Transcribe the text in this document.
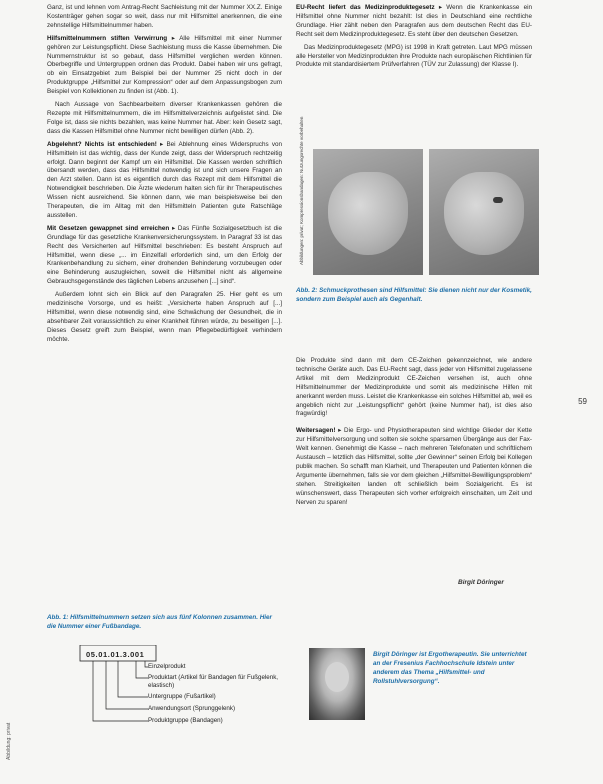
Ganz, ist und lehnen vom Antrag-Recht Sachleistung mit der Nummer XX.Z. Einige Kostenträger gehen sogar so weit, dass nur mit Hilfsmittel anerkennen, die eine zehnstellige Hilfsmittelnummer haben.

Hilfsmittelnummern stiften Verwirrung ▸ Alle Hilfsmittel mit einer Nummer gehören zur Leistungspflicht. Diese Sachleistung muss die Kasse übernehmen. Die Nummernstruktur ist so gebaut, dass Hilfsmittel verglichen werden können. Oberbegriffe und Untergruppen ordnen das Produkt. Dabei haben wir uns gefragt, ob ein Einsatzgebiet zum Beispiel bei der Nummer 25 nicht doch in der Produktgruppe „Hilfsmittel zur Kompression“ oder auf dem Anpassungsbogen zum Beispiel von Kollektionen zu finden ist (Abb. 1).

Nach Aussage von Sachbearbeitern diverser Krankenkassen gehören die Rezepte mit Hilfsmittelnummern, die im Hilfsmittelverzeichnis aufgelistet sind. Die Folge ist, dass sie nichts bezahlen, was keine Nummer hat. Aber: kein Gesetz sagt, dass die Kassen Hilfsmittel ohne Nummer nicht bewilligen dürfen (Abb. 2).

Abgelehnt? Nichts ist entschieden! ▸ Bei Ablehnung eines Widerspruchs von Hilfsmitteln ist das wichtig, dass der Kunde zeigt, dass der Widerspruch rechtzeitig erfolgt. Dann beginnt der Kampf um ein Hilfsmittel. Die Kassen werden schriftlich übersandt werden, dass das Hilfsmittel notwendig ist und sich unsere Fragen an den Arzt stellen. Dann ist es eigentlich durch das Rezept mit dem Hilfsmittel die Notwendigkeit beschrieben. Die Ärzte wiederum halten sich für ihr Therapeutisches Wissen nicht ausreichend. Sie können dann, wie man beispielsweise bei den Therapeuten, die im Alltag mit den Hilfsmitteln Patienten gute Ratschläge ausstellen.

Mit Gesetzen gewappnet sind erreichen ▸ Das Fünfte Sozialgesetzbuch ist die Grundlage für das gesetzliche Krankenversicherungssystem. In Paragraf 33 ist das Recht des Versicherten auf Hilfsmittel beschrieben: Es besteht Anspruch auf Hilfsmittel, wenn diese „... im Einzelfall erforderlich sind, um den Erfolg der Krankenbehandlung zu sichern, einer drohenden Behinderung vorzubeugen oder eine Behinderung auszugleichen, soweit die Hilfsmittel nicht als allgemeine Gebrauchsgegenstände des täglichen Lebens anzusehen [...] sind“.

Außerdem lohnt sich ein Blick auf den Paragrafen 25. Hier geht es um medizinische Vorsorge, und es heißt: „Versicherte haben Anspruch auf [...] Hilfsmittel, wenn diese notwendig sind, eine Schwächung der Gesundheit, die in absehbarer Zeit voraussichtlich zu einer Krankheit führen würde, zu beseitigen [...]. Dieses Gesetz greift zum Beispiel, wenn man Pflegebedürftigkeit verhindern möchte.

EU-Recht liefert das Medizinproduktegesetz ▸ Wenn die Krankenkasse ein Hilfsmittel ohne Nummer nicht bezahlt: Ist dies in Deutschland eine rechtliche Grundlage. Hier zählt neben den Paragrafen aus dem deutschen Recht das EU-Recht seit dem Medizinproduktegesetz. Es steht über den deutschen Gesetzen.

Das Medizinproduktegesetz (MPG) ist 1998 in Kraft getreten. Laut MPG müssen alle Hersteller von Medizinprodukten ihre Produkte nach europäischen Richtlinien für Produkte mit standardisiertem Prüfverfahren (TÜV zur Zulassung) der Klasse I).

Abbildungen: privat; Kompressionsbandagen: Nutzungsrechte vorbehalten
Abb. 2: Schmuckprothesen sind Hilfsmittel: Sie dienen nicht nur der Kosmetik, sondern zum Beispiel auch als Gegenhalt.

Die Produkte sind dann mit dem CE-Zeichen gekennzeichnet, wie andere technische Geräte auch. Das EU-Recht sagt, dass jeder von Hilfsmittel zugelassene Artikel mit dem Medizinprodukt CE-Zeichen versehen ist, auch ohne Hilfsmittelnummer der Medizinprodukte und somit als medizinische Hilfen mit anerkannt werden muss. Leistet die Krankenkasse ein solches Hilfsmittel ab, weil es angeblich nicht zur „Leistungspflicht“ gehört (keine Nummer hat), ist dies also fragwürdig!

Weitersagen! ▸ Die Ergo- und Physiotherapeuten sind wichtige Glieder der Kette zur Hilfsmittelversorgung und sollten sie solche sparsamen Übergänge aus der Fax-Welt kennen. Genehmigt die Kasse – nach mehreren Telefonaten und schriftlichem Austausch – letztlich das Hilfsmittel, sollte „der Gewinner“ seinen Erfolg bei Kollegen publik machen. So schafft man Klarheit, und Therapeuten und Patienten können die Argumente übernehmen, falls sie vor dem gleichen „Hilfsmittel-Bewilligungsproblem“ stehen. Streitigkeiten landen oft schließlich beim Sozialgericht. Es ist wünschenswert, dass Therapeuten sich vorher erfolgreich einschalten, um Zeit und Nerven zu sparen!

Birgit Döringer
59
Abb. 1: Hilfsmittelnummern setzen sich aus fünf Kolonnen zusammen. Hier die Nummer einer Fußbandage.
05.01.01.3.001
Einzelprodukt
Produktart (Artikel für Bandagen für Fußgelenk, elastisch)
Untergruppe (Fußartikel)
Anwendungsort (Sprunggelenk)
Produktgruppe (Bandagen)
Abbildung: privat
Birgit Döringer ist Ergotherapeutin. Sie unterrichtet an der Fresenius Fachhochschule Idstein unter anderem das Thema „Hilfsmittel- und Rollstuhlversorgung“.
